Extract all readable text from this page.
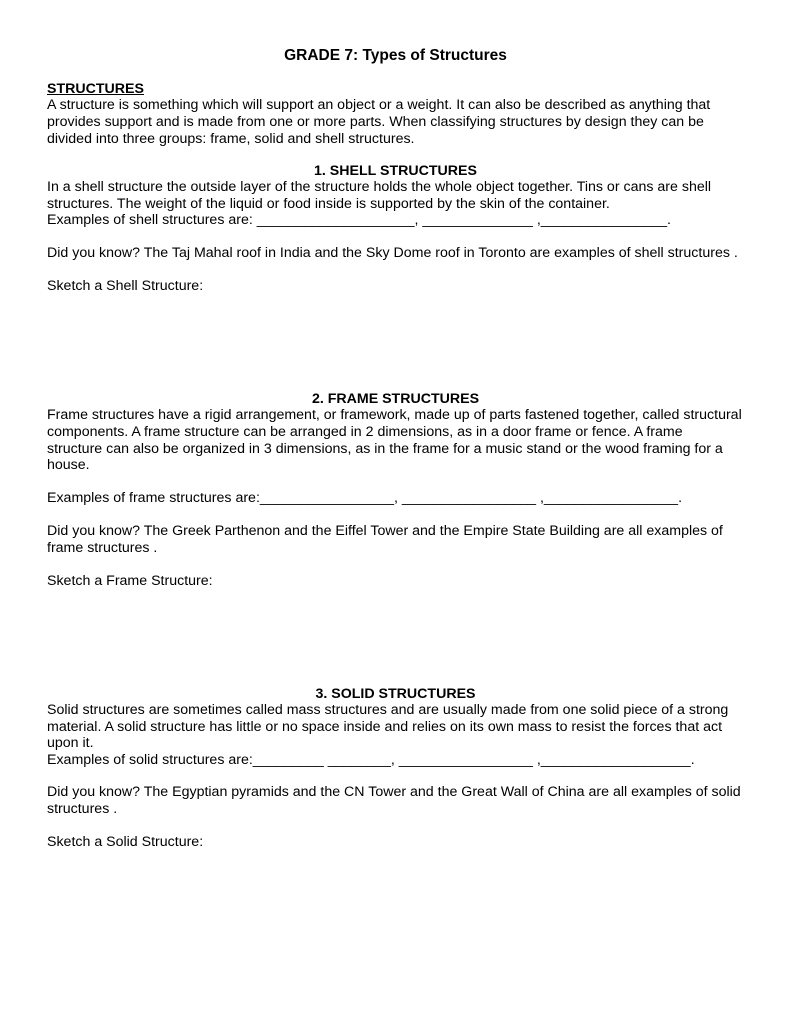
GRADE 7: Types of Structures
STRUCTURES
A structure is something which will support an object or a weight. It can also be described as anything that
provides support and is made from one or more parts. When classifying structures by design they can be
divided into three groups: frame, solid and shell structures.
1. SHELL STRUCTURES
In a shell structure the outside layer of the structure holds the whole object together. Tins or cans are shell
structures. The weight of the liquid or food inside is supported by the skin of the container.
Examples of shell structures are: ____________________, ______________ ,________________.
Did you know? The Taj Mahal roof in India and the Sky Dome roof in Toronto are examples of shell structures .
Sketch a Shell Structure:
2. FRAME STRUCTURES
Frame structures have a rigid arrangement, or framework, made up of parts fastened together, called structural
components. A frame structure can be arranged in 2 dimensions, as in a door frame or fence. A frame
structure can also be organized in 3 dimensions, as in the frame for a music stand or the wood framing for a
house.
Examples of frame structures are:_________________, _________________ ,_________________.
Did you know? The Greek Parthenon and the Eiffel Tower and the Empire State Building are all examples of
frame structures .
Sketch a Frame Structure:
3. SOLID STRUCTURES
Solid structures are sometimes called mass structures and are usually made from one solid piece of a strong
material. A solid structure has little or no space inside and relies on its own mass to resist the forces that act
upon it.
Examples of solid structures are:_________ ________, _________________ ,___________________.
Did you know? The Egyptian pyramids and the CN Tower and the Great Wall of China are all examples of solid
structures .
Sketch a Solid Structure:
